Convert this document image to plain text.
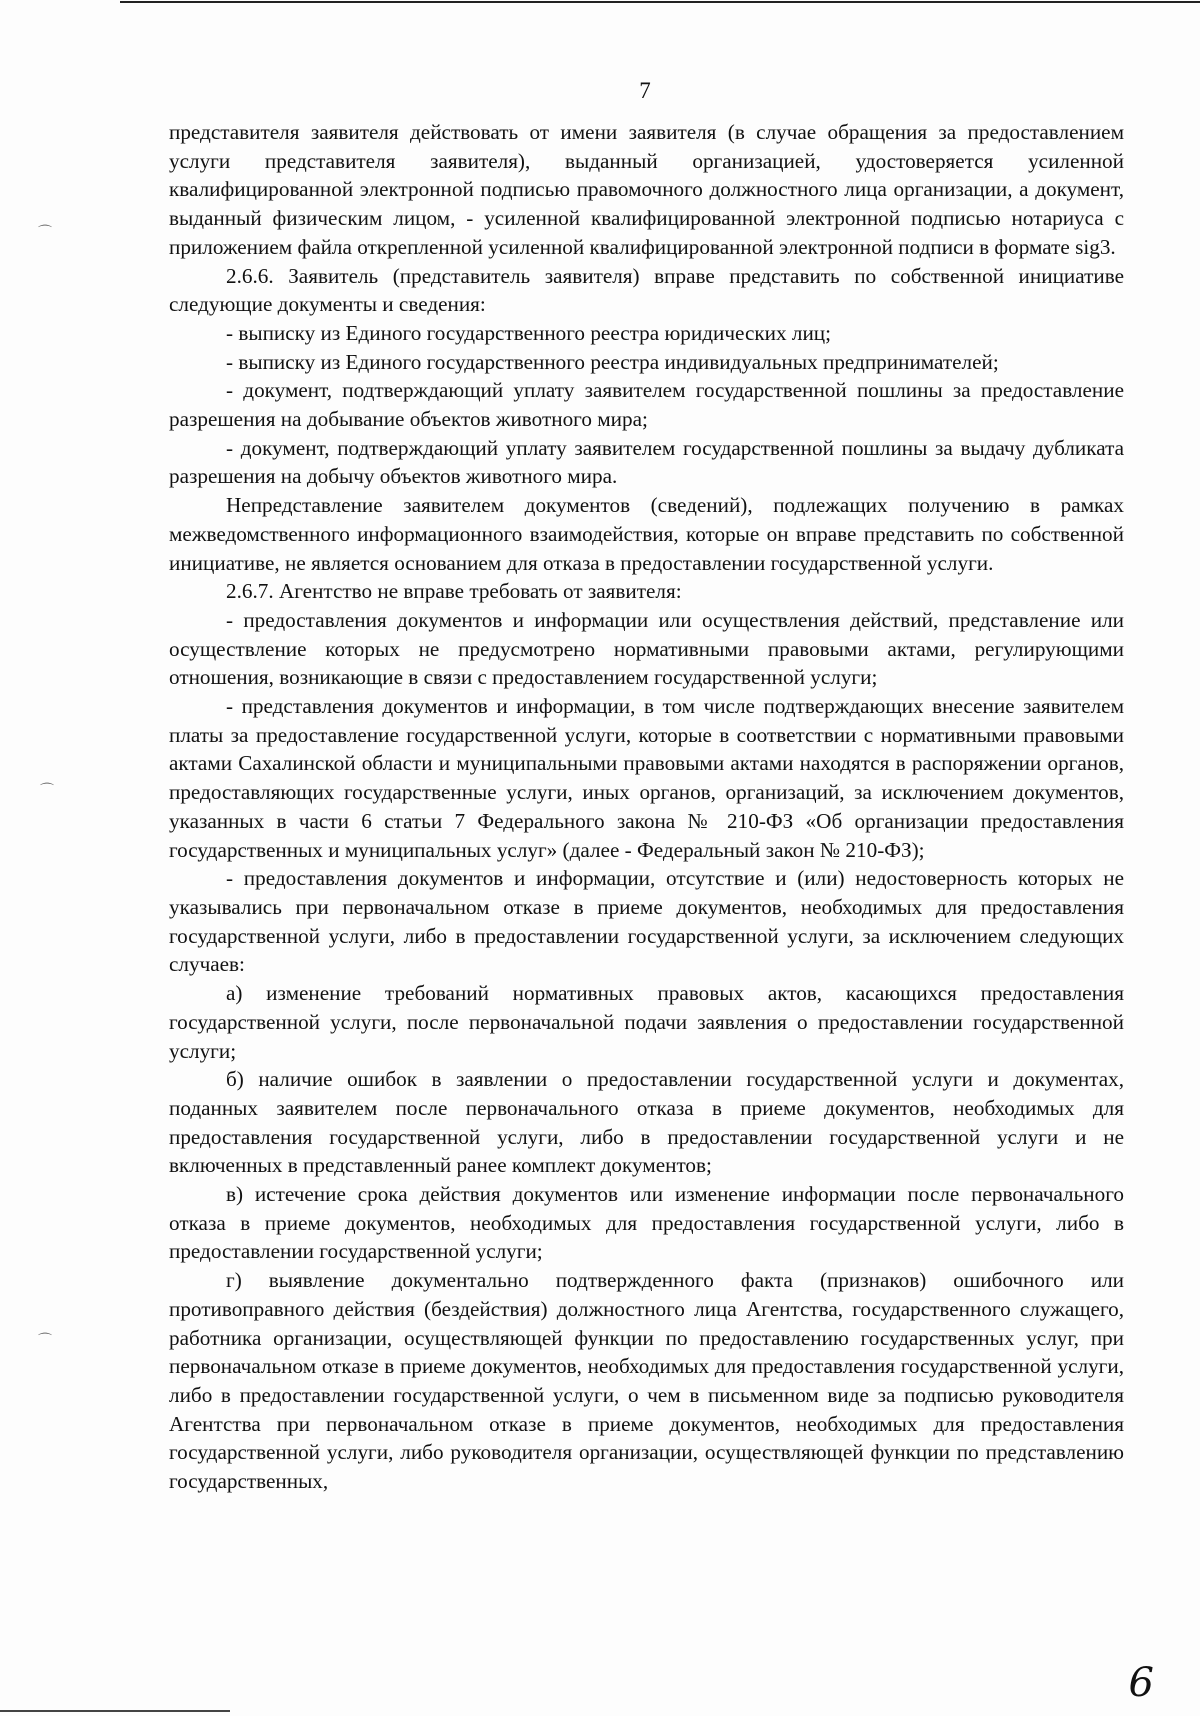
7

представителя заявителя действовать от имени заявителя (в случае обращения за предоставлением услуги представителя заявителя), выданный организацией, удостоверяется усиленной квалифицированной электронной подписью правомочного должностного лица организации, а документ, выданный физическим лицом, - усиленной квалифицированной электронной подписью нотариуса с приложением файла открепленной усиленной квалифицированной электронной подписи в формате sig3.

2.6.6. Заявитель (представитель заявителя) вправе представить по собственной инициативе следующие документы и сведения:

- выписку из Единого государственного реестра юридических лиц;

- выписку из Единого государственного реестра индивидуальных предпринимателей;

- документ, подтверждающий уплату заявителем государственной пошлины за предоставление разрешения на добывание объектов животного мира;

- документ, подтверждающий уплату заявителем государственной пошлины за выдачу дубликата разрешения на добычу объектов животного мира.

Непредставление заявителем документов (сведений), подлежащих получению в рамках межведомственного информационного взаимодействия, которые он вправе представить по собственной инициативе, не является основанием для отказа в предоставлении государственной услуги.

2.6.7. Агентство не вправе требовать от заявителя:

- предоставления документов и информации или осуществления действий, представление или осуществление которых не предусмотрено нормативными правовыми актами, регулирующими отношения, возникающие в связи с предоставлением государственной услуги;

- представления документов и информации, в том числе подтверждающих внесение заявителем платы за предоставление государственной услуги, которые в соответствии с нормативными правовыми актами Сахалинской области и муниципальными правовыми актами находятся в распоряжении органов, предоставляющих государственные услуги, иных органов, организаций, за исключением документов, указанных в части 6 статьи 7 Федерального закона № 210-ФЗ «Об организации предоставления государственных и муниципальных услуг» (далее - Федеральный закон № 210-ФЗ);

- предоставления документов и информации, отсутствие и (или) недостоверность которых не указывались при первоначальном отказе в приеме документов, необходимых для предоставления государственной услуги, либо в предоставлении государственной услуги, за исключением следующих случаев:

а) изменение требований нормативных правовых актов, касающихся предоставления государственной услуги, после первоначальной подачи заявления о предоставлении государственной услуги;

б) наличие ошибок в заявлении о предоставлении государственной услуги и документах, поданных заявителем после первоначального отказа в приеме документов, необходимых для предоставления государственной услуги, либо в предоставлении государственной услуги и не включенных в представленный ранее комплект документов;

в) истечение срока действия документов или изменение информации после первоначального отказа в приеме документов, необходимых для предоставления государственной услуги, либо в предоставлении государственной услуги;

г) выявление документально подтвержденного факта (признаков) ошибочного или противоправного действия (бездействия) должностного лица Агентства, государственного служащего, работника организации, осуществляющей функции по предоставлению государственных услуг, при первоначальном отказе в приеме документов, необходимых для предоставления государственной услуги, либо в предоставлении государственной услуги, о чем в письменном виде за подписью руководителя Агентства при первоначальном отказе в приеме документов, необходимых для предоставления государственной услуги, либо руководителя организации, осуществляющей функции по представлению государственных,

⌒
⌒
⌒
6
